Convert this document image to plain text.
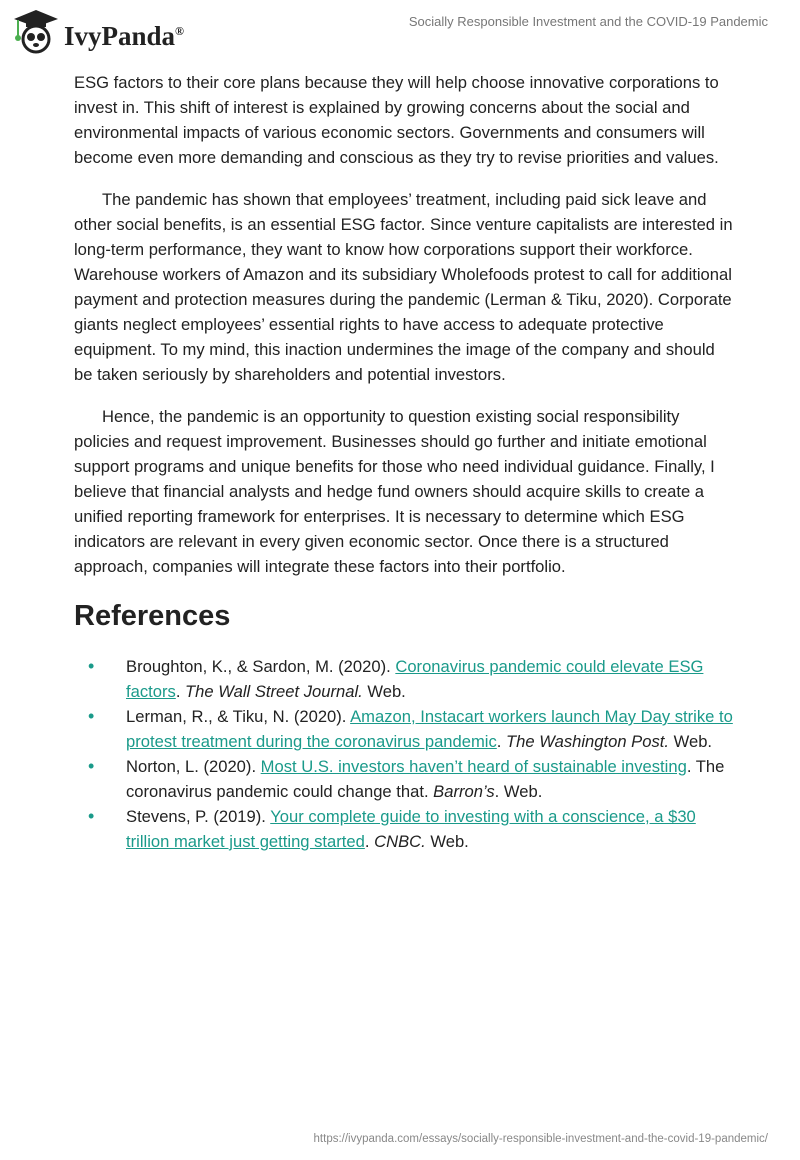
IvyPanda®
Socially Responsible Investment and the COVID-19 Pandemic

ESG factors to their core plans because they will help choose innovative corporations to invest in. This shift of interest is explained by growing concerns about the social and environmental impacts of various economic sectors. Governments and consumers will become even more demanding and conscious as they try to revise priorities and values.

The pandemic has shown that employees’ treatment, including paid sick leave and other social benefits, is an essential ESG factor. Since venture capitalists are interested in long-term performance, they want to know how corporations support their workforce. Warehouse workers of Amazon and its subsidiary Wholefoods protest to call for additional payment and protection measures during the pandemic (Lerman & Tiku, 2020). Corporate giants neglect employees’ essential rights to have access to adequate protective equipment. To my mind, this inaction undermines the image of the company and should be taken seriously by shareholders and potential investors.

Hence, the pandemic is an opportunity to question existing social responsibility policies and request improvement. Businesses should go further and initiate emotional support programs and unique benefits for those who need individual guidance. Finally, I believe that financial analysts and hedge fund owners should acquire skills to create a unified reporting framework for enterprises. It is necessary to determine which ESG indicators are relevant in every given economic sector. Once there is a structured approach, companies will integrate these factors into their portfolio.

References
• Broughton, K., & Sardon, M. (2020). Coronavirus pandemic could elevate ESG factors. The Wall Street Journal. Web.
• Lerman, R., & Tiku, N. (2020). Amazon, Instacart workers launch May Day strike to protest treatment during the coronavirus pandemic. The Washington Post. Web.
• Norton, L. (2020). Most U.S. investors haven’t heard of sustainable investing. The coronavirus pandemic could change that. Barron’s. Web.
• Stevens, P. (2019). Your complete guide to investing with a conscience, a $30 trillion market just getting started. CNBC. Web.
https://ivypanda.com/essays/socially-responsible-investment-and-the-covid-19-pandemic/
